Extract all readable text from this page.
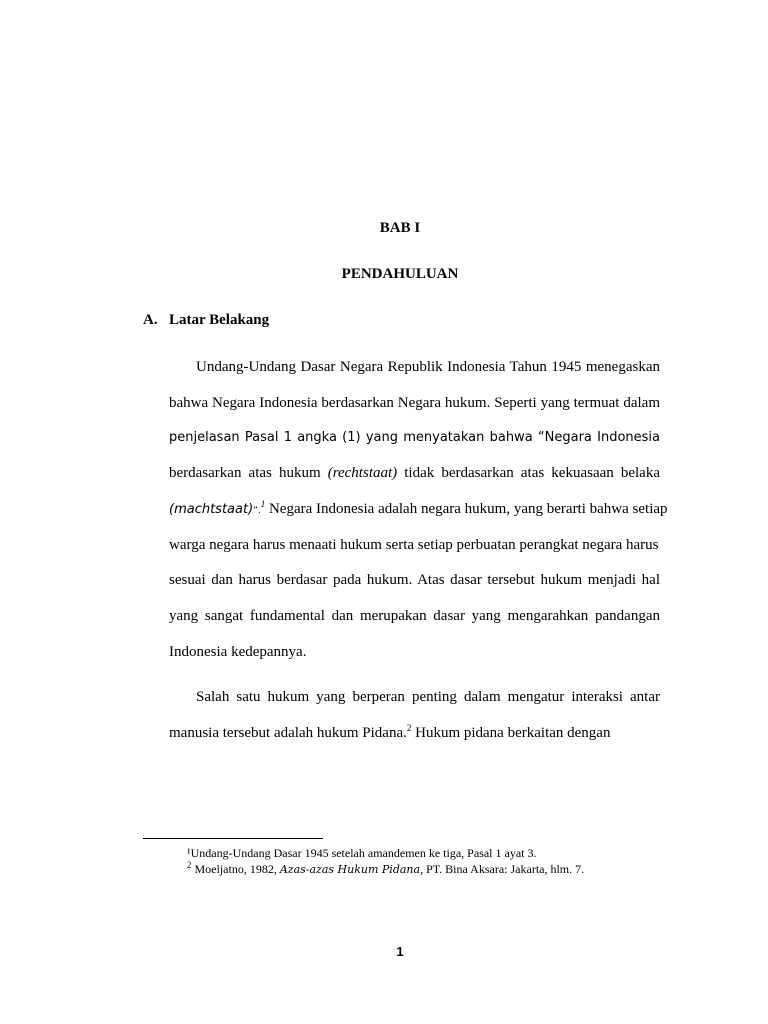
BAB I
PENDAHULUAN
A. Latar Belakang
Undang-Undang Dasar Negara Republik Indonesia Tahun 1945 menegaskan
bahwa Negara Indonesia berdasarkan Negara hukum. Seperti yang termuat dalam
penjelasan Pasal 1 angka (1) yang menyatakan bahwa “Negara Indonesia
berdasarkan atas hukum (rechtstaat) tidak berdasarkan atas kekuasaan belaka
(machtstaat)”.$^1$ Negara Indonesia adalah negara hukum, yang berarti bahwa setiap
warga negara harus menaati hukum serta setiap perbuatan perangkat negara harus
sesuai dan harus berdasar pada hukum. Atas dasar tersebut hukum menjadi hal
yang sangat fundamental dan merupakan dasar yang mengarahkan pandangan
Indonesia kedepannya.
Salah satu hukum yang berperan penting dalam mengatur interaksi antar
manusia tersebut adalah hukum Pidana.$^2$ Hukum pidana berkaitan dengan
¹Undang-Undang Dasar 1945 setelah amandemen ke tiga, Pasal 1 ayat 3.
$^2$ Moeljatno, 1982, Azas-azas Hukum Pidana, PT. Bina Aksara: Jakarta, hlm. 7.
1
